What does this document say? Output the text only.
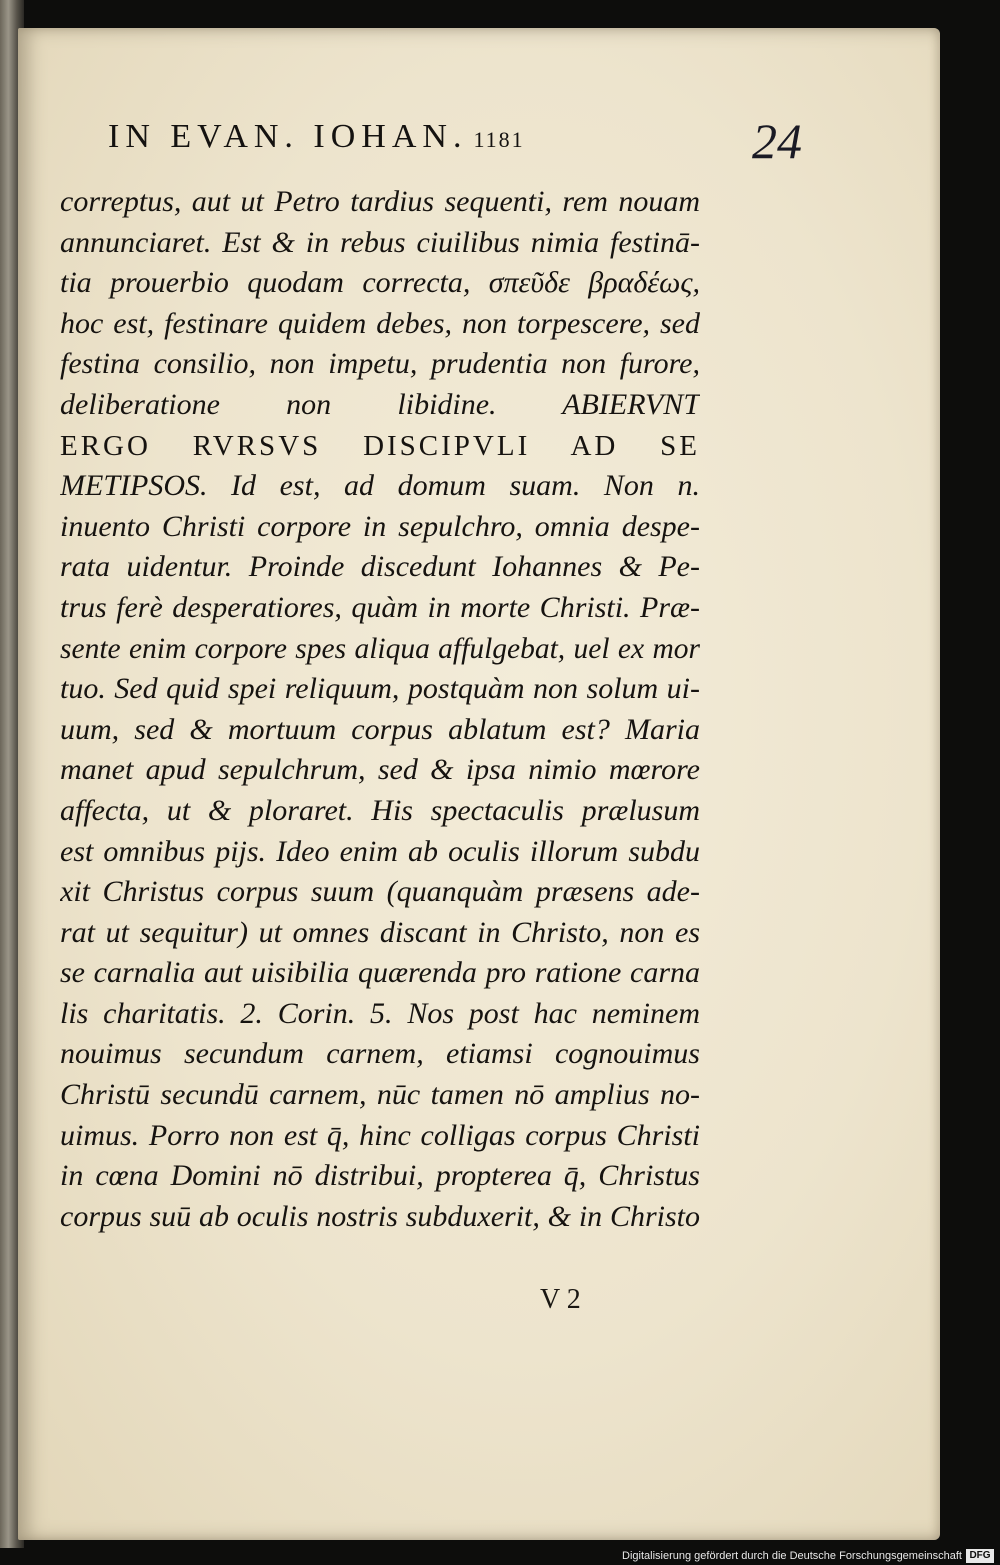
IN EVAN. IOHAN. 1181	24
correptus, aut ut Petro tardius sequenti, rem nouam
annunciaret. Est & in rebus ciuilibus nimia festinā-
tia prouerbio quodam correcta, σπεῦδε βραδέως,
hoc est, festinare quidem debes, non torpescere, sed
festina consilio, non impetu, prudentia non furore,
deliberatione non libidine. ABIERVNT
ERGO RVRSVS DISCIPVLI AD SE
METIPSOS. Id est, ad domum suam. Non n.
inuento Christi corpore in sepulchro, omnia despe-
rata uidentur. Proinde discedunt Iohannes & Pe-
trus ferè desperatiores, quàm in morte Christi. Præ-
sente enim corpore spes aliqua affulgebat, uel ex mor
tuo. Sed quid spei reliquum, postquàm non solum ui-
uum, sed & mortuum corpus ablatum est? Maria
manet apud sepulchrum, sed & ipsa nimio mœrore
affecta, ut & ploraret. His spectaculis prælusum
est omnibus pijs. Ideo enim ab oculis illorum subdu
xit Christus corpus suum (quanquàm præsens ade-
rat ut sequitur) ut omnes discant in Christo, non es
se carnalia aut uisibilia quærenda pro ratione carna
lis charitatis. 2. Corin. 5. Nos post hac neminem
nouimus secundum carnem, etiamsi cognouimus
Christū secundū carnem, nūc tamen nō amplius no-
uimus. Porro non est q̄, hinc colligas corpus Christi
in cœna Domini nō distribui, propterea q̄, Christus
corpus suū ab oculis nostris subduxerit, & in Christo
V 2
Digitalisierung gefördert durch die Deutsche Forschungsgemeinschaft DFG
